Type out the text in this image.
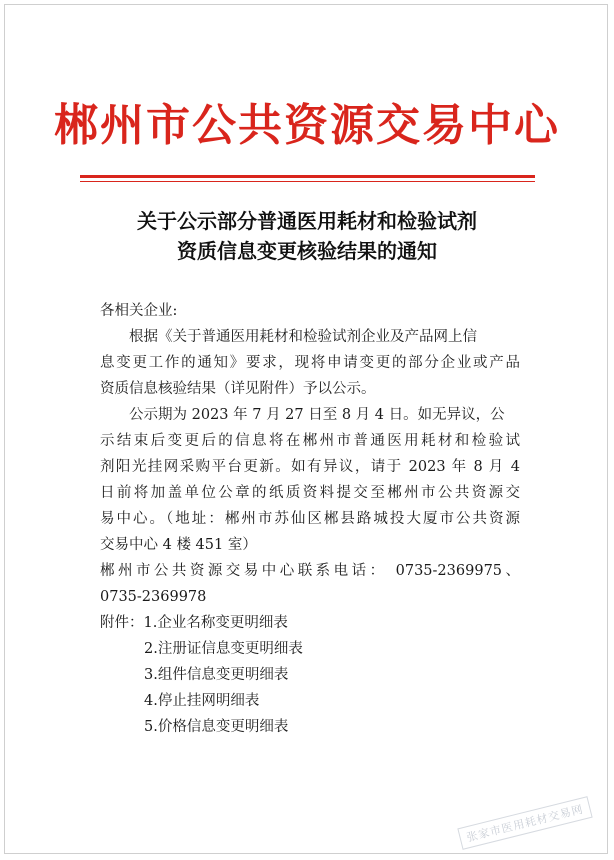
郴州市公共资源交易中心
关于公示部分普通医用耗材和检验试剂
资质信息变更核验结果的通知
各相关企业:
根据《关于普通医用耗材和检验试剂企业及产品网上信
息变更工作的通知》要求，现将申请变更的部分企业或产品
资质信息核验结果（详见附件）予以公示。
公示期为 2023 年 7 月 27 日至 8 月 4 日。如无异议，公
示结束后变更后的信息将在郴州市普通医用耗材和检验试
剂阳光挂网采购平台更新。如有异议，请于 2023 年 8 月 4
日前将加盖单位公章的纸质资料提交至郴州市公共资源交
易中心。（地址：郴州市苏仙区郴县路城投大厦市公共资源
交易中心 4 楼 451 室）
郴州市公共资源交易中心联系电话： 0735-2369975、
0735-2369978
附件：1.企业名称变更明细表
2.注册证信息变更明细表
3.组件信息变更明细表
4.停止挂网明细表
5.价格信息变更明细表
张家市医用耗材交易网
